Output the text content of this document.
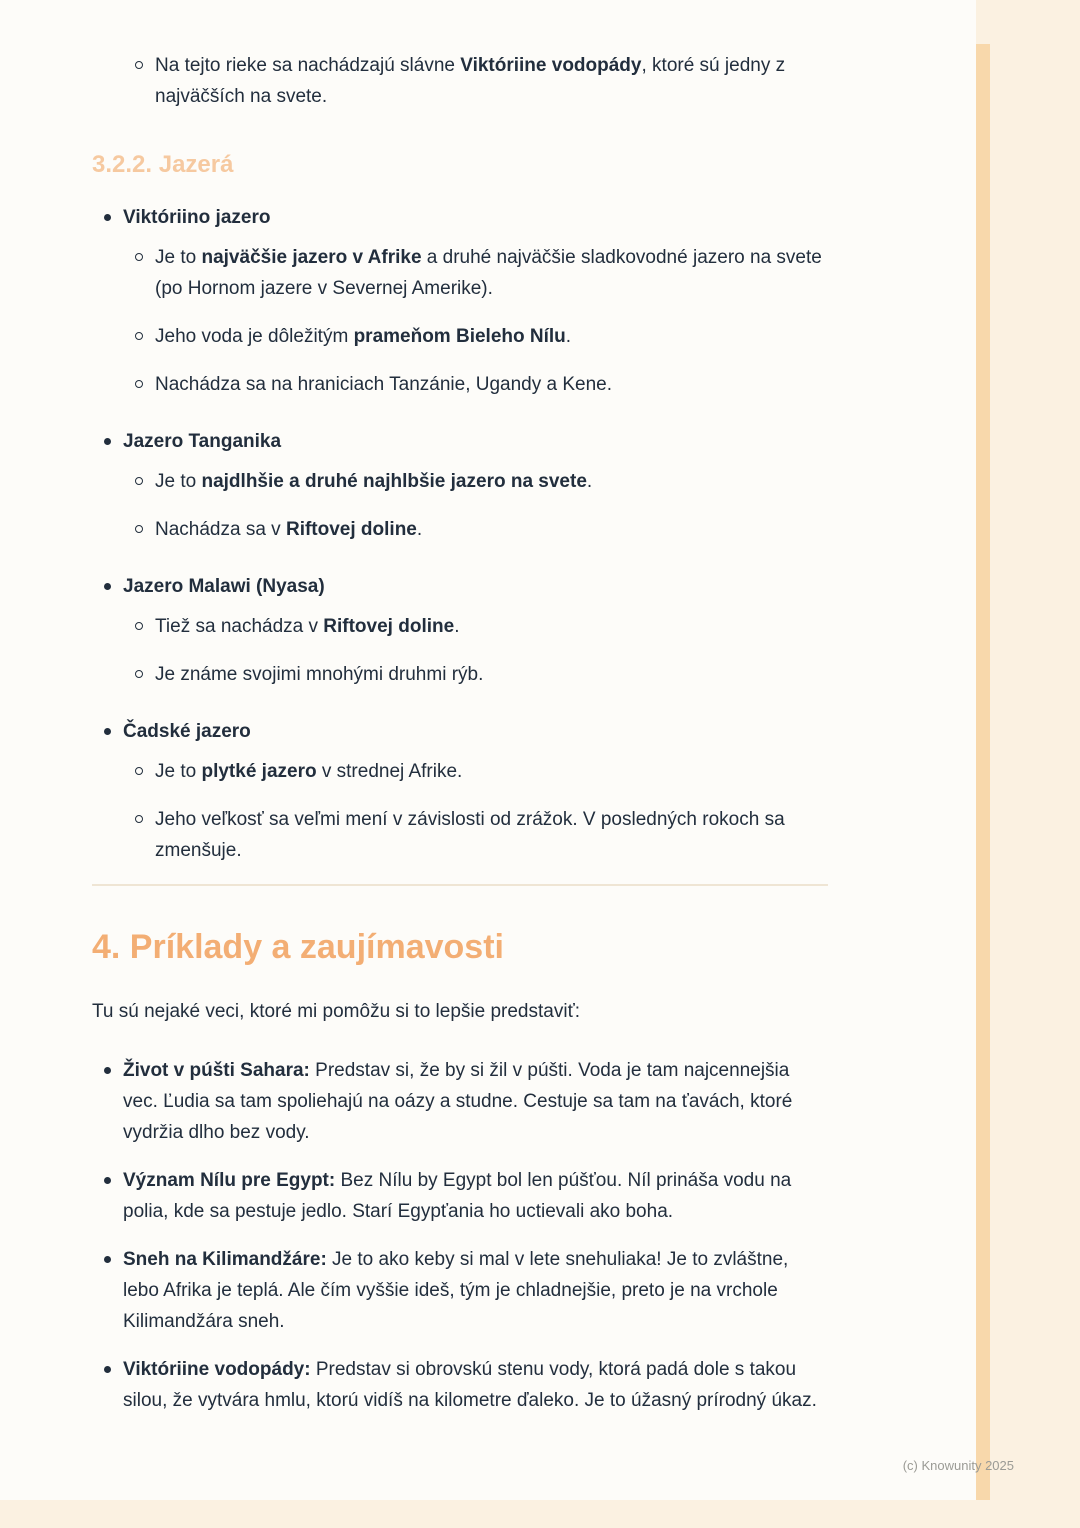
Na tejto rieke sa nachádzajú slávne Viktóriine vodopády, ktoré sú jedny z najväčších na svete.

3.2.2. Jazerá

Viktóriino jazero

Je to najväčšie jazero v Afrike a druhé najväčšie sladkovodné jazero na svete (po Hornom jazere v Severnej Amerike).

Jeho voda je dôležitým prameňom Bieleho Nílu.

Nachádza sa na hraniciach Tanzánie, Ugandy a Kene.

Jazero Tanganika

Je to najdlhšie a druhé najhlbšie jazero na svete.

Nachádza sa v Riftovej doline.

Jazero Malawi (Nyasa)

Tiež sa nachádza v Riftovej doline.

Je známe svojimi mnohými druhmi rýb.

Čadské jazero

Je to plytké jazero v strednej Afrike.

Jeho veľkosť sa veľmi mení v závislosti od zrážok. V posledných rokoch sa zmenšuje.

4. Príklady a zaujímavosti

Tu sú nejaké veci, ktoré mi pomôžu si to lepšie predstaviť:

Život v púšti Sahara: Predstav si, že by si žil v púšti. Voda je tam najcennejšia vec. Ľudia sa tam spoliehajú na oázy a studne. Cestuje sa tam na ťavách, ktoré vydržia dlho bez vody.

Význam Nílu pre Egypt: Bez Nílu by Egypt bol len púšťou. Níl prináša vodu na polia, kde sa pestuje jedlo. Starí Egypťania ho uctievali ako boha.

Sneh na Kilimandžáre: Je to ako keby si mal v lete snehuliaka! Je to zvláštne, lebo Afrika je teplá. Ale čím vyššie ideš, tým je chladnejšie, preto je na vrchole Kilimandžára sneh.

Viktóriine vodopády: Predstav si obrovskú stenu vody, ktorá padá dole s takou silou, že vytvára hmlu, ktorú vidíš na kilometre ďaleko. Je to úžasný prírodný úkaz.

(c) Knowunity 2025
